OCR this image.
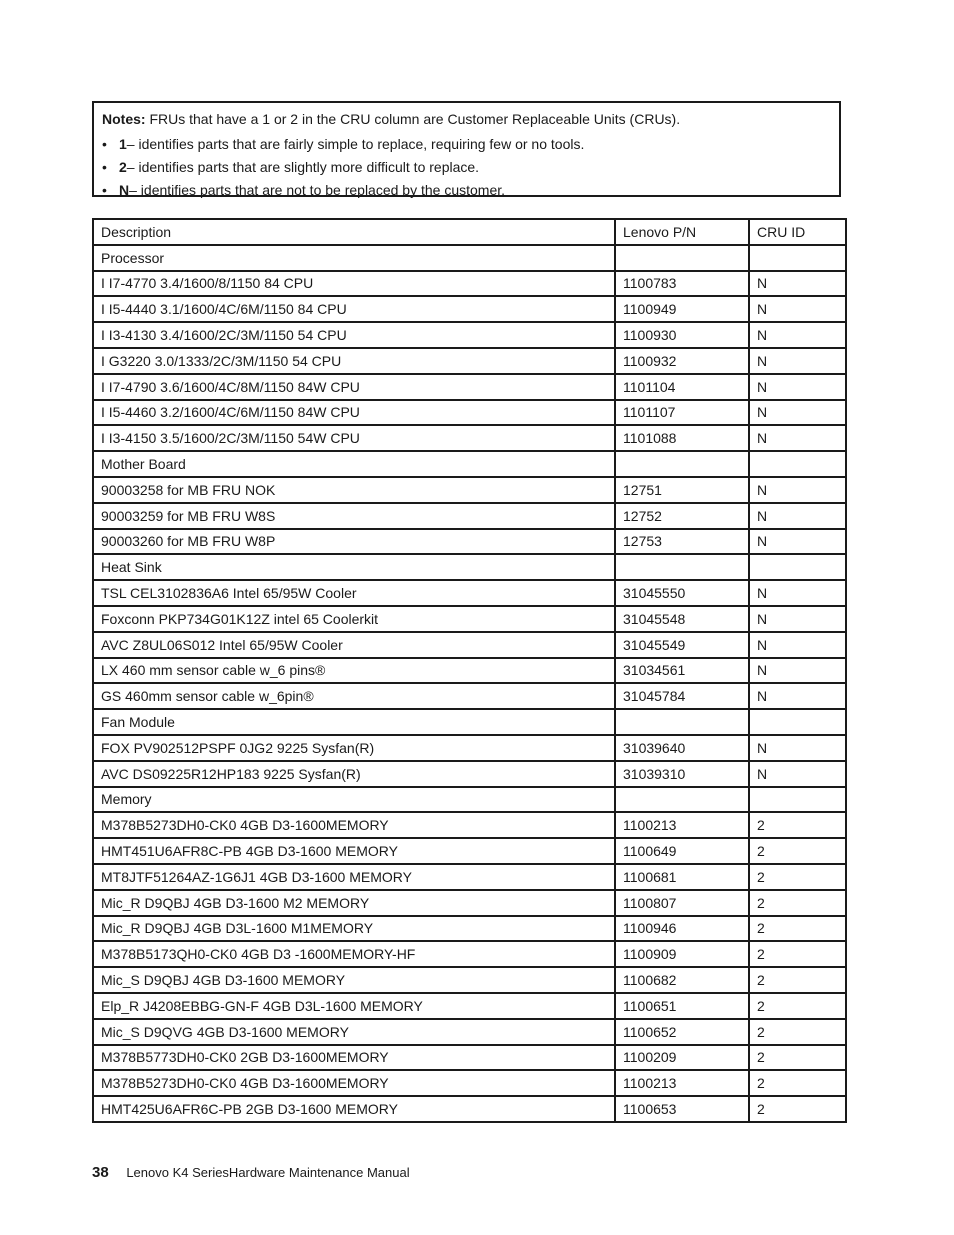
Notes: FRUs that have a 1 or 2 in the CRU column are Customer Replaceable Units (CRUs).
• 1– identifies parts that are fairly simple to replace, requiring few or no tools.
• 2– identifies parts that are slightly more difficult to replace.
• N– identifies parts that are not to be replaced by the customer.
Description	Lenovo P/N	CRU ID
Processor		
I I7-4770 3.4/1600/8/1150 84 CPU	1100783	N
I I5-4440 3.1/1600/4C/6M/1150 84 CPU	1100949	N
I I3-4130 3.4/1600/2C/3M/1150 54 CPU	1100930	N
I G3220 3.0/1333/2C/3M/1150 54 CPU	1100932	N
I I7-4790 3.6/1600/4C/8M/1150 84W CPU	1101104	N
I I5-4460 3.2/1600/4C/6M/1150 84W CPU	1101107	N
I I3-4150 3.5/1600/2C/3M/1150 54W CPU	1101088	N
Mother Board		
90003258 for MB FRU NOK	12751	N
90003259 for MB FRU W8S	12752	N
90003260 for MB FRU W8P	12753	N
Heat Sink		
TSL CEL3102836A6 Intel 65/95W Cooler	31045550	N
Foxconn PKP734G01K12Z intel 65 Coolerkit	31045548	N
AVC Z8UL06S012 Intel 65/95W Cooler	31045549	N
LX 460 mm sensor cable w_6 pins®	31034561	N
GS 460mm sensor cable w_6pin®	31045784	N
Fan Module		
FOX PV902512PSPF 0JG2 9225 Sysfan(R)	31039640	N
AVC DS09225R12HP183 9225 Sysfan(R)	31039310	N
Memory		
M378B5273DH0-CK0 4GB D3-1600MEMORY	1100213	2
HMT451U6AFR8C-PB 4GB D3-1600 MEMORY	1100649	2
MT8JTF51264AZ-1G6J1 4GB D3-1600 MEMORY	1100681	2
Mic_R D9QBJ 4GB D3-1600 M2 MEMORY	1100807	2
Mic_R D9QBJ 4GB D3L-1600 M1MEMORY	1100946	2
M378B5173QH0-CK0 4GB D3 -1600MEMORY-HF	1100909	2
Mic_S D9QBJ 4GB D3-1600 MEMORY	1100682	2
Elp_R J4208EBBG-GN-F 4GB D3L-1600 MEMORY	1100651	2
Mic_S D9QVG 4GB D3-1600 MEMORY	1100652	2
M378B5773DH0-CK0 2GB D3-1600MEMORY	1100209	2
M378B5273DH0-CK0 4GB D3-1600MEMORY	1100213	2
HMT425U6AFR6C-PB 2GB D3-1600 MEMORY	1100653	2
38 Lenovo K4 SeriesHardware Maintenance Manual
